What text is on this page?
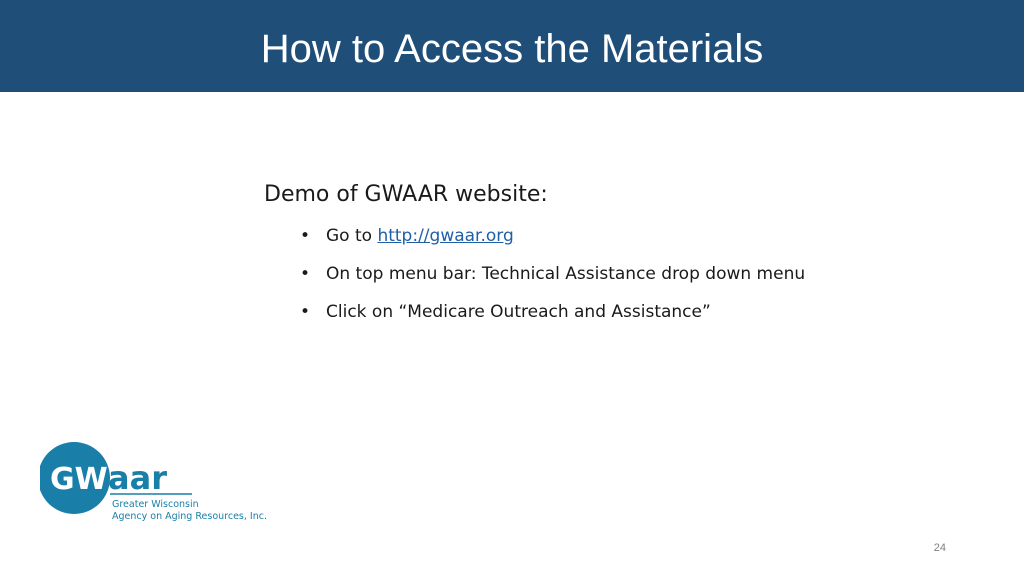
How to Access the Materials
Demo of GWAAR website:
• Go to http://gwaar.org
• On top menu bar: Technical Assistance drop down menu
• Click on “Medicare Outreach and Assistance”
GW aar
Greater Wisconsin
Agency on Aging Resources, Inc.
24
